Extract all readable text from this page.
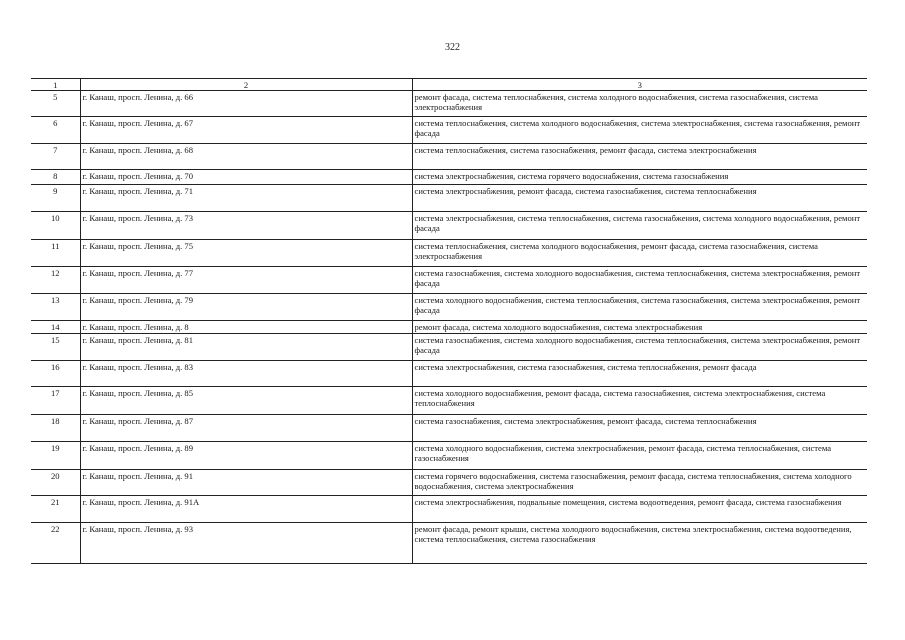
322
1	2	3
5	г. Канаш, просп. Ленина, д. 66	ремонт фасада, система теплоснабжения, система холодного водоснабжения, система газоснабжения, система электроснабжения
6	г. Канаш, просп. Ленина, д. 67	система теплоснабжения, система холодного водоснабжения, система электроснабжения, система газоснабжения, ремонт фасада
7	г. Канаш, просп. Ленина, д. 68	система теплоснабжения, система газоснабжения, ремонт фасада, система электроснабжения
8	г. Канаш, просп. Ленина, д. 70	система электроснабжения, система горячего водоснабжения, система газоснабжения
9	г. Канаш, просп. Ленина, д. 71	система электроснабжения, ремонт фасада, система газоснабжения, система теплоснабжения
10	г. Канаш, просп. Ленина, д. 73	система электроснабжения, система теплоснабжения, система газоснабжения, система холодного водоснабжения, ремонт фасада
11	г. Канаш, просп. Ленина, д. 75	система теплоснабжения, система холодного водоснабжения, ремонт фасада, система газоснабжения, система электроснабжения
12	г. Канаш, просп. Ленина, д. 77	система газоснабжения, система холодного водоснабжения, система теплоснабжения, система электроснабжения, ремонт фасада
13	г. Канаш, просп. Ленина, д. 79	система холодного водоснабжения, система теплоснабжения, система газоснабжения, система электроснабжения, ремонт фасада
14	г. Канаш, просп. Ленина, д. 8	ремонт фасада, система холодного водоснабжения, система электроснабжения
15	г. Канаш, просп. Ленина, д. 81	система газоснабжения, система холодного водоснабжения, система теплоснабжения, система электроснабжения, ремонт фасада
16	г. Канаш, просп. Ленина, д. 83	система электроснабжения, система газоснабжения, система теплоснабжения, ремонт фасада
17	г. Канаш, просп. Ленина, д. 85	система холодного водоснабжения, ремонт фасада, система газоснабжения, система электроснабжения, система теплоснабжения
18	г. Канаш, просп. Ленина, д. 87	система газоснабжения, система электроснабжения, ремонт фасада, система теплоснабжения
19	г. Канаш, просп. Ленина, д. 89	система холодного водоснабжения, система электроснабжения, ремонт фасада, система теплоснабжения, система газоснабжения
20	г. Канаш, просп. Ленина, д. 91	система горячего водоснабжения, система газоснабжения, ремонт фасада, система теплоснабжения, система холодного водоснабжения, система электроснабжения
21	г. Канаш, просп. Ленина, д. 91А	система электроснабжения, подвальные помещения, система водоотведения, ремонт фасада, система газоснабжения
22	г. Канаш, просп. Ленина, д. 93	ремонт фасада, ремонт крыши, система холодного водоснабжения, система электроснабжения, система водоотведения, система теплоснабжения, система газоснабжения
